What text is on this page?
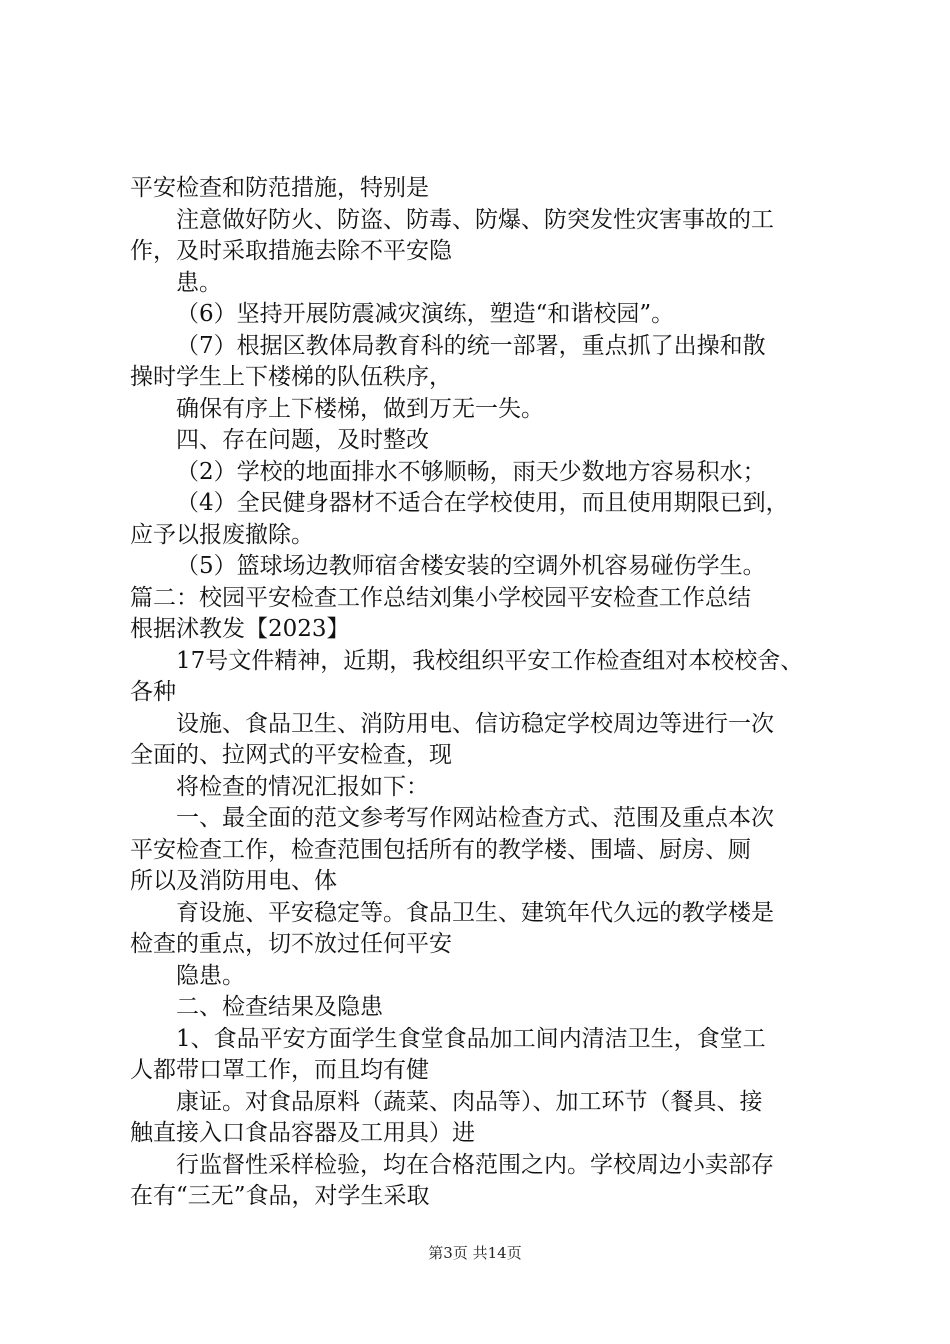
平安检查和防范措施，特别是
注意做好防火、防盗、防毒、防爆、防突发性灾害事故的工
作，及时采取措施去除不平安隐
患。
（6）坚持开展防震减灾演练，塑造“和谐校园”。
（7）根据区教体局教育科的统一部署，重点抓了出操和散
操时学生上下楼梯的队伍秩序，
确保有序上下楼梯，做到万无一失。
四、存在问题，及时整改
（2）学校的地面排水不够顺畅，雨天少数地方容易积水；
（4）全民健身器材不适合在学校使用，而且使用期限已到，
应予以报废撤除。
（5）篮球场边教师宿舍楼安装的空调外机容易碰伤学生。
篇二：校园平安检查工作总结刘集小学校园平安检查工作总结
根据沭教发【2023】
17号文件精神，近期，我校组织平安工作检查组对本校校舍、
各种
设施、食品卫生、消防用电、信访稳定学校周边等进行一次
全面的、拉网式的平安检查，现
将检查的情况汇报如下：
一、最全面的范文参考写作网站检查方式、范围及重点本次
平安检查工作，检查范围包括所有的教学楼、围墙、厨房、厕
所以及消防用电、体
育设施、平安稳定等。食品卫生、建筑年代久远的教学楼是
检查的重点，切不放过任何平安
隐患。
二、检查结果及隐患
1、食品平安方面学生食堂食品加工间内清洁卫生，食堂工
人都带口罩工作，而且均有健
康证。对食品原料（蔬菜、肉品等）、加工环节（餐具、接
触直接入口食品容器及工用具）进
行监督性采样检验，均在合格范围之内。学校周边小卖部存
在有“三无”食品，对学生采取
第3页 共14页
